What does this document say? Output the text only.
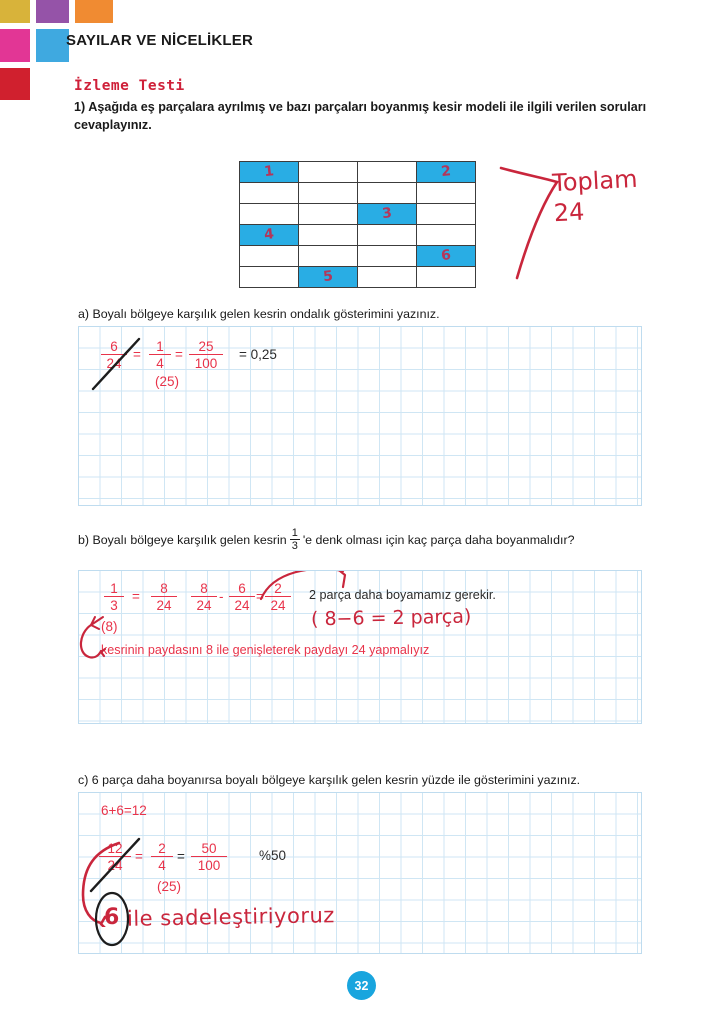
SAYILAR VE NİCELİKLER
İzleme Testi
1) Aşağıda eş parçalara ayrılmış ve bazı parçaları boyanmış kesir modeli ile ilgili verilen soruları cevaplayınız.
1	2
3
4
6
5
Toplam
24
a) Boyalı bölgeye karşılık gelen kesrin ondalık gösterimini yazınız.
$\frac{6}{24} = \frac{1}{4} = \frac{25}{100}$
(25)
= 0,25
b) Boyalı bölgeye karşılık gelen kesrin $\frac{1}{3}$ 'e denk olması için kaç parça daha boyanmalıdır?
$\frac{1}{3} = \frac{8}{24} \frac{8}{24} - \frac{6}{24} = \frac{2}{24} 2$ parça daha boyamamız gerekir.
( 8−6 = 2 parça)
(8)
kesrinin paydasını 8 ile genişleterek paydayı 24 yapmalıyız
c) 6 parça daha boyanırsa boyalı bölgeye karşılık gelen kesrin yüzde ile gösterimini yazınız.
6+6=12
$\frac{12}{24} = \frac{2}{4} = \frac{50}{100}$
(25)
%50
6 ile sadeleştiriyoruz
32
